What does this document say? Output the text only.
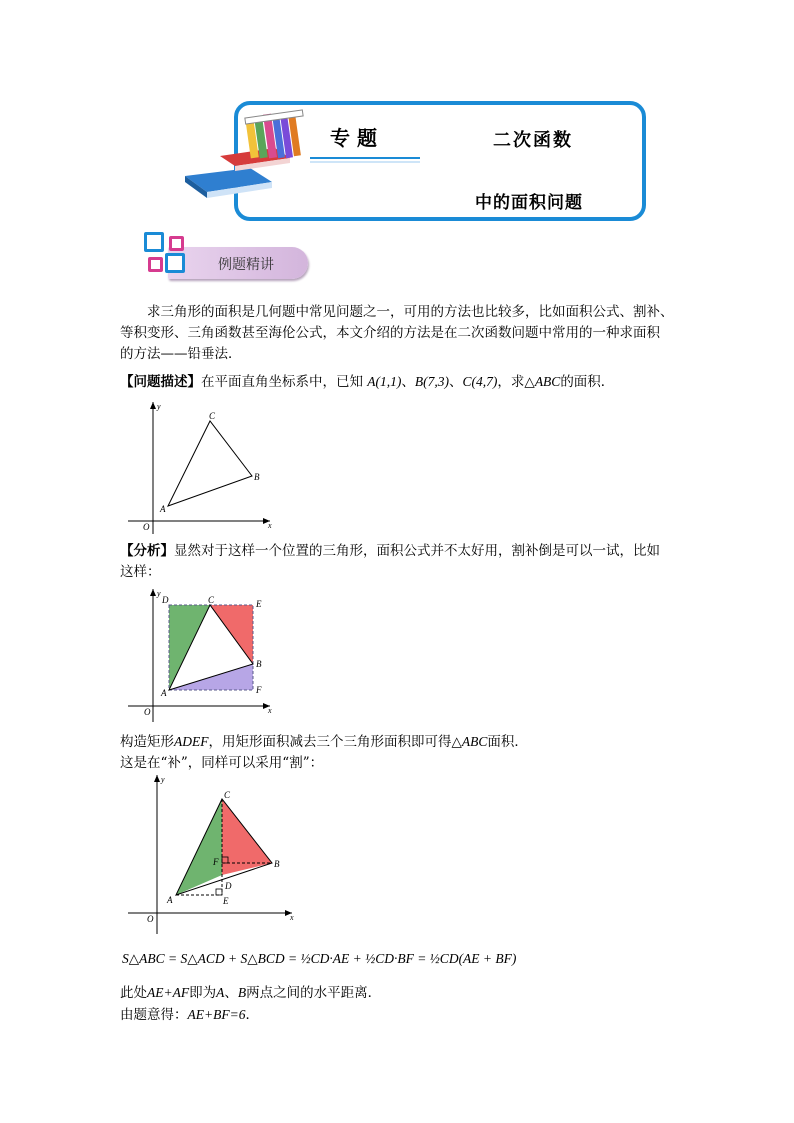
专 题	二次函数
中的面积问题
例题精讲

求三角形的面积是几何题中常见问题之一，可用的方法也比较多，比如面积公式、割补、

等积变形、三角函数甚至海伦公式，本文介绍的方法是在二次函数问题中常用的一种求面积

的方法——铅垂法．

【问题描述】在平面直角坐标系中，已知 A(1,1)、B(7,3)、C(4,7)，求△ABC的面积．

O	x
y
A
B
C

【分析】显然对于这样一个位置的三角形，面积公式并不太好用，割补倒是可以一试，比如

这样：

O	x
y
D	C	E
B
F
A

构造矩形ADEF，用矩形面积减去三个三角形面积即可得△ABC面积．

这是在“补”，同样可以采用“割”：

O	x
y
C
F	B
D
A	E
S△ABC = S△ACD + S△BCD = ½CD·AE + ½CD·BF = ½CD(AE + BF)

此处AE+AF即为A、B两点之间的水平距离．

由题意得：AE+BF=6．
